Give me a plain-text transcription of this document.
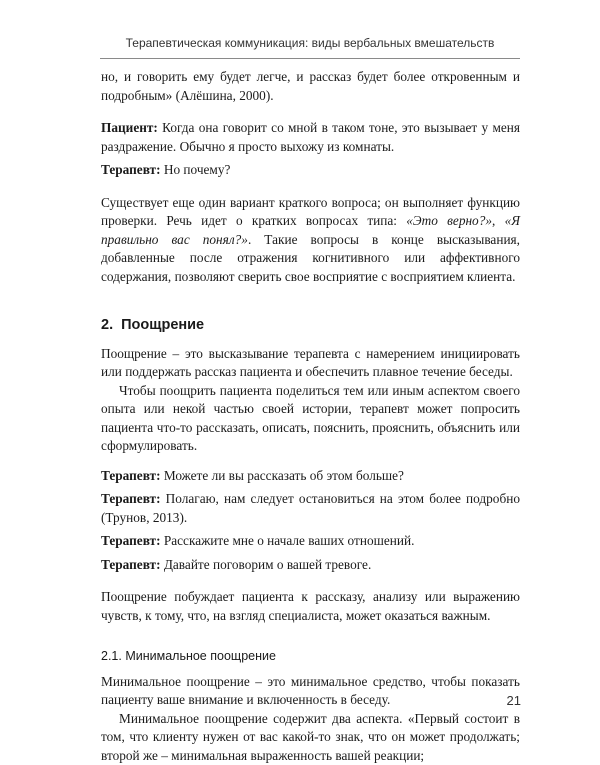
Терапевтическая коммуникация: виды вербальных вмешательств

но, и говорить ему будет легче, и рассказ будет более откровенным и подробным» (Алёшина, 2000).

Пациент: Когда она говорит со мной в таком тоне, это вызывает у меня раздражение. Обычно я просто выхожу из комнаты.

Терапевт: Но почему?

Существует еще один вариант краткого вопроса; он выполняет функцию проверки. Речь идет о кратких вопросах типа: «Это верно?», «Я правильно вас понял?». Такие вопросы в конце высказывания, добавленные после отражения когнитивного или аффективного содержания, позволяют сверить свое восприятие с восприятием клиента.

2. Поощрение

Поощрение – это высказывание терапевта с намерением инициировать или поддержать рассказ пациента и обеспечить плавное течение беседы.

Чтобы поощрить пациента поделиться тем или иным аспектом своего опыта или некой частью своей истории, терапевт может попросить пациента что-то рассказать, описать, пояснить, прояснить, объяснить или сформулировать.

Терапевт: Можете ли вы рассказать об этом больше?

Терапевт: Полагаю, нам следует остановиться на этом более подробно (Трунов, 2013).

Терапевт: Расскажите мне о начале ваших отношений.

Терапевт: Давайте поговорим о вашей тревоге.

Поощрение побуждает пациента к рассказу, анализу или выражению чувств, к тому, что, на взгляд специалиста, может оказаться важным.

2.1. Минимальное поощрение

Минимальное поощрение – это минимальное средство, чтобы показать пациенту ваше внимание и включенность в беседу.

Минимальное поощрение содержит два аспекта. «Первый состоит в том, что клиенту нужен от вас какой-то знак, что он может продолжать; второй же – минимальная выраженность вашей реакции;

21
